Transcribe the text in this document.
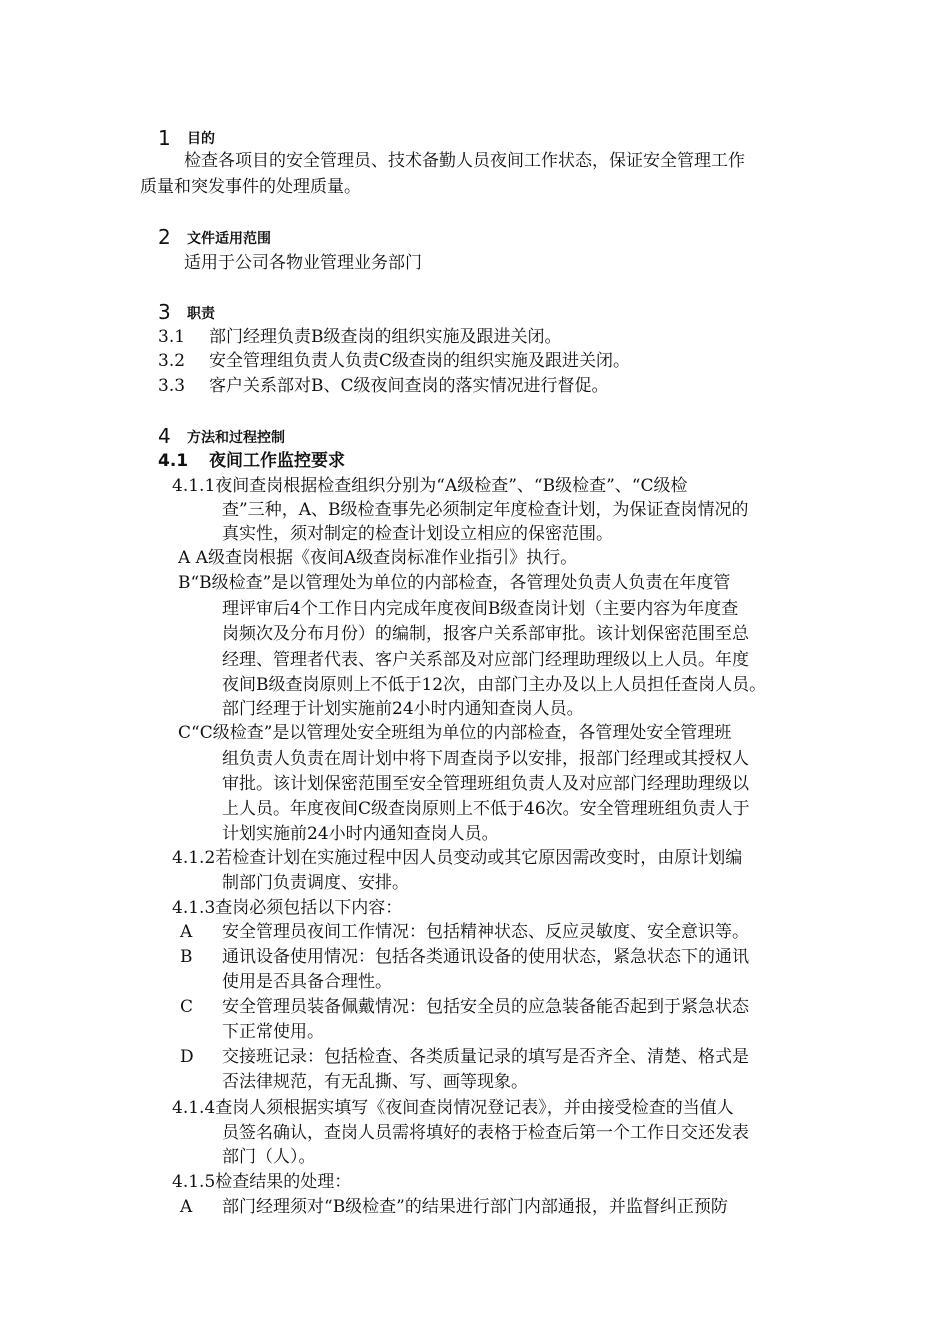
1 目的
检查各项目的安全管理员、技术备勤人员夜间工作状态，保证安全管理工作
质量和突发事件的处理质量。
2 文件适用范围
适用于公司各物业管理业务部门
3 职责
3.1 部门经理负责B级查岗的组织实施及跟进关闭。
3.2 安全管理组负责人负责C级查岗的组织实施及跟进关闭。
3.3 客户关系部对B、C级夜间查岗的落实情况进行督促。
4 方法和过程控制
4.1 夜间工作监控要求
4.1.1夜间查岗根据检查组织分别为“A级检查”、“B级检查”、“C级检
查”三种，A、B级检查事先必须制定年度检查计划，为保证查岗情况的
真实性，须对制定的检查计划设立相应的保密范围。
A A级查岗根据《夜间A级查岗标准作业指引》执行。
B“B级检查”是以管理处为单位的内部检查，各管理处负责人负责在年度管
理评审后4个工作日内完成年度夜间B级查岗计划（主要内容为年度查
岗频次及分布月份）的编制，报客户关系部审批。该计划保密范围至总
经理、管理者代表、客户关系部及对应部门经理助理级以上人员。年度
夜间B级查岗原则上不低于12次，由部门主办及以上人员担任查岗人员。
部门经理于计划实施前24小时内通知查岗人员。
C“C级检查”是以管理处安全班组为单位的内部检查，各管理处安全管理班
组负责人负责在周计划中将下周查岗予以安排，报部门经理或其授权人
审批。该计划保密范围至安全管理班组负责人及对应部门经理助理级以
上人员。年度夜间C级查岗原则上不低于46次。安全管理班组负责人于
计划实施前24小时内通知查岗人员。
4.1.2若检查计划在实施过程中因人员变动或其它原因需改变时，由原计划编
制部门负责调度、安排。
4.1.3查岗必须包括以下内容：
A 安全管理员夜间工作情况：包括精神状态、反应灵敏度、安全意识等。
B 通讯设备使用情况：包括各类通讯设备的使用状态，紧急状态下的通讯
使用是否具备合理性。
C 安全管理员装备佩戴情况：包括安全员的应急装备能否起到于紧急状态
下正常使用。
D 交接班记录：包括检查、各类质量记录的填写是否齐全、清楚、格式是
否法律规范，有无乱撕、写、画等现象。
4.1.4查岗人须根据实填写《夜间查岗情况登记表》，并由接受检查的当值人
员签名确认，查岗人员需将填好的表格于检查后第一个工作日交还发表
部门（人）。
4.1.5检查结果的处理：
A 部门经理须对“B级检查”的结果进行部门内部通报，并监督纠正预防
